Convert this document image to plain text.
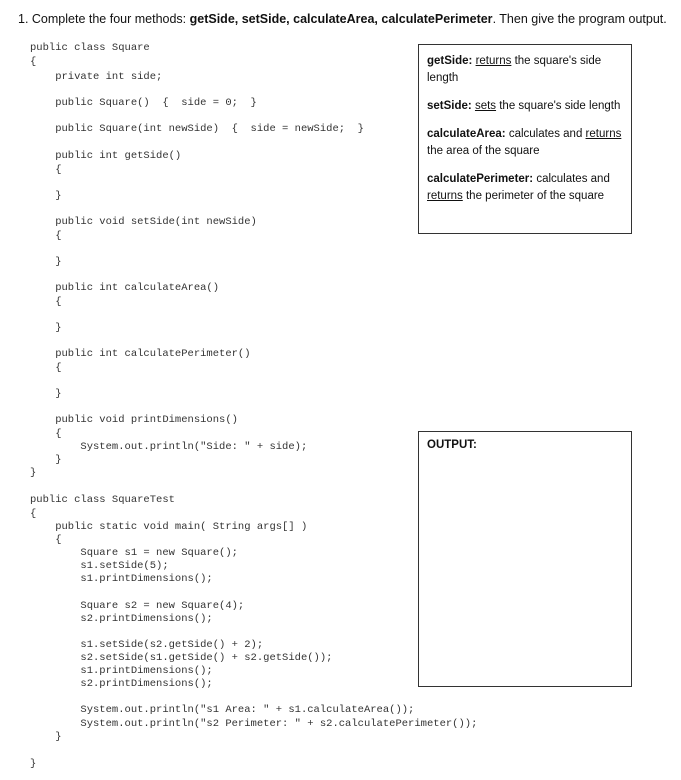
1. Complete the four methods: getSide, setSide, calculateArea, calculatePerimeter. Then give the program output.
public class Square
{
private int side;
public Square()  {  side = 0;  }
public Square(int newSide)  {  side = newSide;  }
public int getSide()
{
}
public void setSide(int newSide)
{
}
public int calculateArea()
{
}
public int calculatePerimeter()
{
}
public void printDimensions()
{
System.out.println("Side: " + side);
}
}
public class SquareTest
{
public static void main( String args[] )
{
Square s1 = new Square();
s1.setSide(5);
s1.printDimensions();
Square s2 = new Square(4);
s2.printDimensions();
s1.setSide(s2.getSide() + 2);
s2.setSide(s1.getSide() + s2.getSide());
s1.printDimensions();
s2.printDimensions();
System.out.println("s1 Area: " + s1.calculateArea());
System.out.println("s2 Perimeter: " + s2.calculatePerimeter());
}
}
getSide: returns the square's side length
setSide: sets the square's side length
calculateArea: calculates and returns the area of the square
calculatePerimeter: calculates and returns the perimeter of the square
OUTPUT:
